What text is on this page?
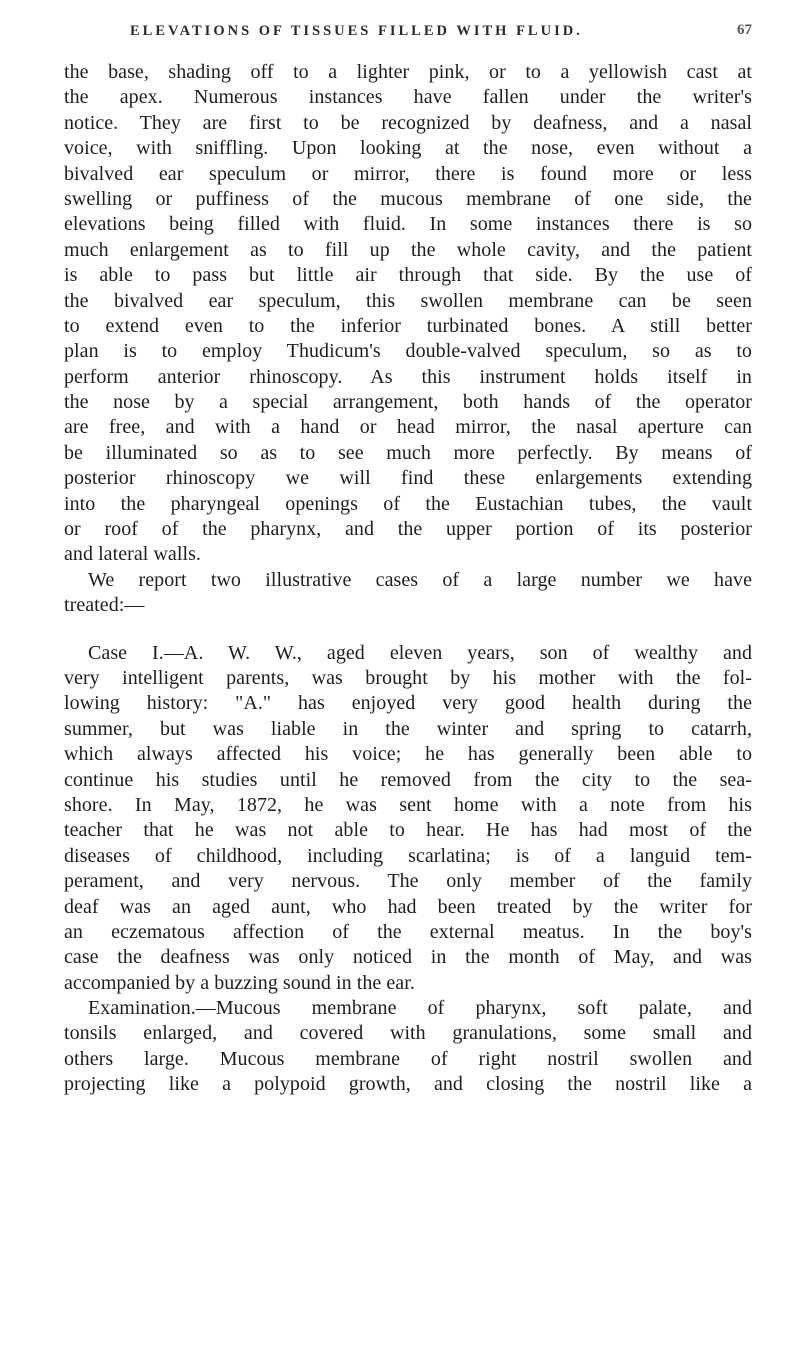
ELEVATIONS OF TISSUES FILLED WITH FLUID.	67
the base, shading off to a lighter pink, or to a yellowish cast at
the apex. Numerous instances have fallen under the writer's
notice. They are first to be recognized by deafness, and a nasal
voice, with sniffling. Upon looking at the nose, even without a
bivalved ear speculum or mirror, there is found more or less
swelling or puffiness of the mucous membrane of one side, the
elevations being filled with fluid. In some instances there is so
much enlargement as to fill up the whole cavity, and the patient
is able to pass but little air through that side. By the use of
the bivalved ear speculum, this swollen membrane can be seen
to extend even to the inferior turbinated bones. A still better
plan is to employ Thudicum's double-valved speculum, so as to
perform anterior rhinoscopy. As this instrument holds itself in
the nose by a special arrangement, both hands of the operator
are free, and with a hand or head mirror, the nasal aperture can
be illuminated so as to see much more perfectly. By means of
posterior rhinoscopy we will find these enlargements extending
into the pharyngeal openings of the Eustachian tubes, the vault
or roof of the pharynx, and the upper portion of its posterior
and lateral walls.
We report two illustrative cases of a large number we have
treated:—
Case I.—A. W. W., aged eleven years, son of wealthy and
very intelligent parents, was brought by his mother with the fol-
lowing history: "A." has enjoyed very good health during the
summer, but was liable in the winter and spring to catarrh,
which always affected his voice; he has generally been able to
continue his studies until he removed from the city to the sea-
shore. In May, 1872, he was sent home with a note from his
teacher that he was not able to hear. He has had most of the
diseases of childhood, including scarlatina; is of a languid tem-
perament, and very nervous. The only member of the family
deaf was an aged aunt, who had been treated by the writer for
an eczematous affection of the external meatus. In the boy's
case the deafness was only noticed in the month of May, and was
accompanied by a buzzing sound in the ear.
Examination.—Mucous membrane of pharynx, soft palate, and
tonsils enlarged, and covered with granulations, some small and
others large. Mucous membrane of right nostril swollen and
projecting like a polypoid growth, and closing the nostril like a
